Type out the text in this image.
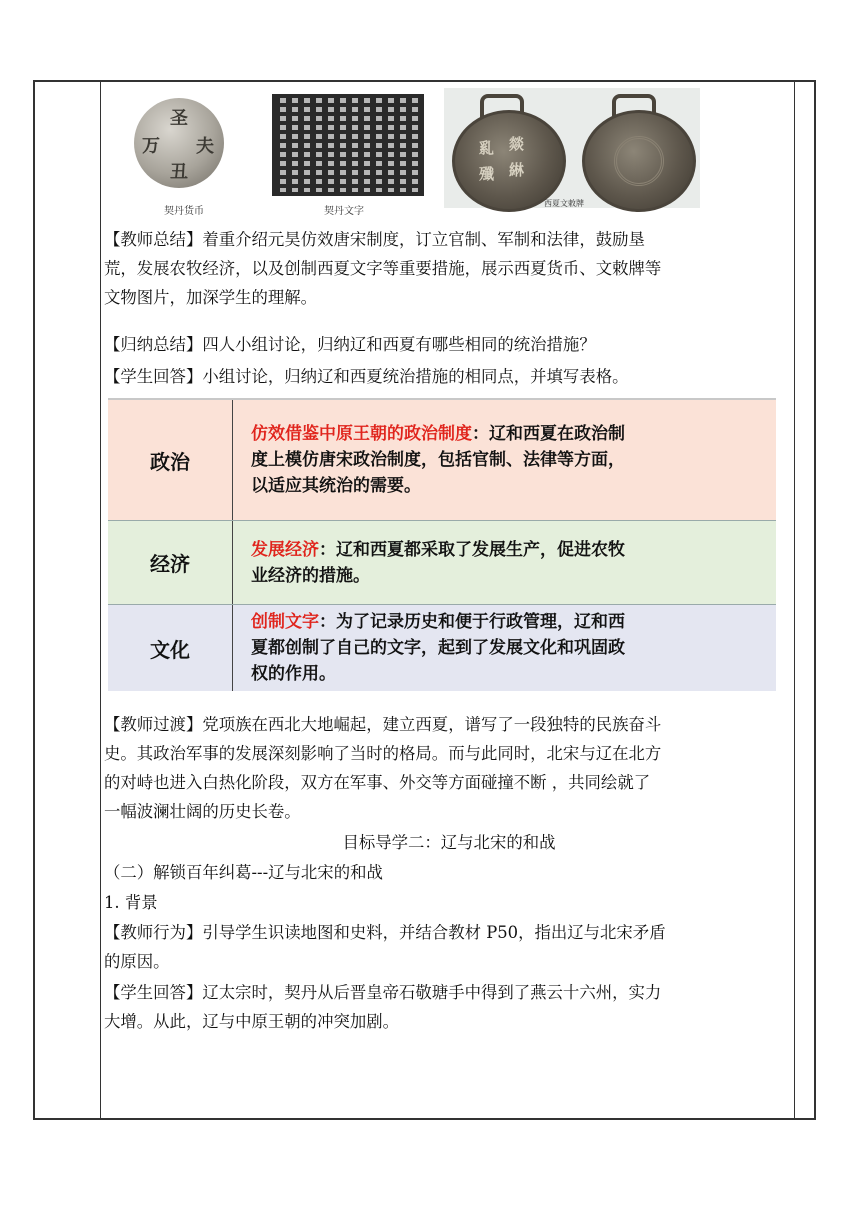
圣
夫
万
丑
契丹货币	契丹文字
乿 燚
殲 綝
西夏文敕牌
【教师总结】着重介绍元昊仿效唐宋制度，订立官制、军制和法律，鼓励垦
荒，发展农牧经济，以及创制西夏文字等重要措施，展示西夏货币、文敕牌等
文物图片，加深学生的理解。
【归纳总结】四人小组讨论，归纳辽和西夏有哪些相同的统治措施？
【学生回答】小组讨论，归纳辽和西夏统治措施的相同点，并填写表格。
政治	仿效借鉴中原王朝的政治制度：辽和西夏在政治制
度上模仿唐宋政治制度，包括官制、法律等方面，
以适应其统治的需要。
经济	发展经济：辽和西夏都采取了发展生产，促进农牧
业经济的措施。
文化	创制文字：为了记录历史和便于行政管理，辽和西
夏都创制了自己的文字，起到了发展文化和巩固政
权的作用。
【教师过渡】党项族在西北大地崛起，建立西夏，谱写了一段独特的民族奋斗
史。其政治军事的发展深刻影响了当时的格局。而与此同时，北宋与辽在北方
的对峙也进入白热化阶段，双方在军事、外交等方面碰撞不断 ，共同绘就了
一幅波澜壮阔的历史长卷。
目标导学二：辽与北宋的和战
（二）解锁百年纠葛---辽与北宋的和战
1. 背景
【教师行为】引导学生识读地图和史料，并结合教材 P50，指出辽与北宋矛盾
的原因。
【学生回答】辽太宗时，契丹从后晋皇帝石敬瑭手中得到了燕云十六州，实力
大增。从此，辽与中原王朝的冲突加剧。
